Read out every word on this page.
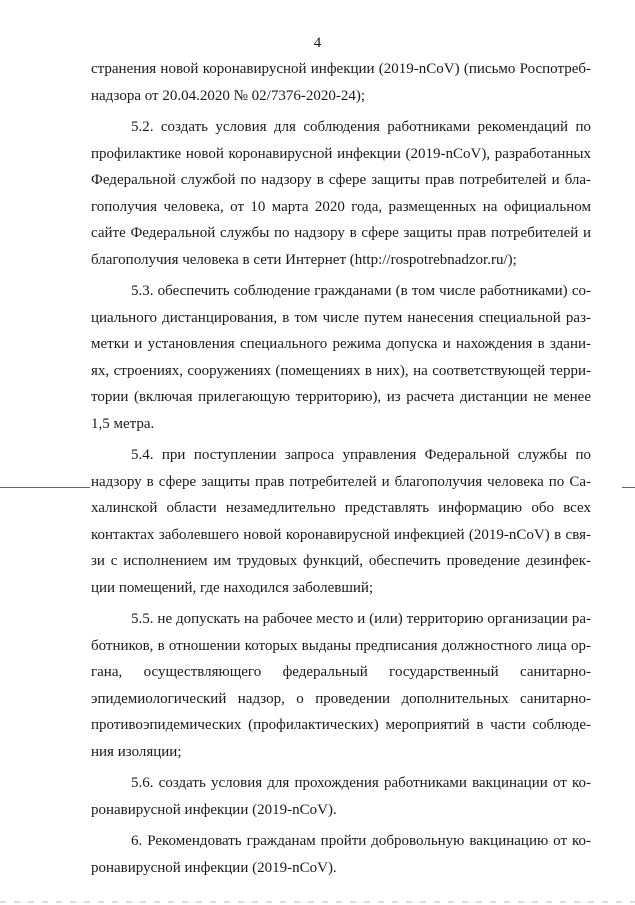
4
странения новой коронавирусной инфекции (2019-nCoV) (письмо Роспотреб-
надзора от 20.04.2020 № 02/7376-2020-24);
5.2. создать условия для соблюдения работниками рекомендаций по
профилактике новой коронавирусной инфекции (2019-nCoV), разработанных
Федеральной службой по надзору в сфере защиты прав потребителей и бла-
гополучия человека, от 10 марта 2020 года, размещенных на официальном
сайте Федеральной службы по надзору в сфере защиты прав потребителей и
благополучия человека в сети Интернет (http://rospotrebnadzor.ru/);
5.3. обеспечить соблюдение гражданами (в том числе работниками) со-
циального дистанцирования, в том числе путем нанесения специальной раз-
метки и установления специального режима допуска и нахождения в здани-
ях, строениях, сооружениях (помещениях в них), на соответствующей терри-
тории (включая прилегающую территорию), из расчета дистанции не менее
1,5 метра.
5.4. при поступлении запроса управления Федеральной службы по
надзору в сфере защиты прав потребителей и благополучия человека по Са-
халинской области незамедлительно представлять информацию обо всех
контактах заболевшего новой коронавирусной инфекцией (2019-nCoV) в свя-
зи с исполнением им трудовых функций, обеспечить проведение дезинфек-
ции помещений, где находился заболевший;
5.5. не допускать на рабочее место и (или) территорию организации ра-
ботников, в отношении которых выданы предписания должностного лица ор-
гана, осуществляющего федеральный государственный санитарно-
эпидемиологический надзор, о проведении дополнительных санитарно-
противоэпидемических (профилактических) мероприятий в части соблюде-
ния изоляции;
5.6. создать условия для прохождения работниками вакцинации от ко-
ронавирусной инфекции (2019-nCoV).
6. Рекомендовать гражданам пройти добровольную вакцинацию от ко-
ронавирусной инфекции (2019-nCoV).
